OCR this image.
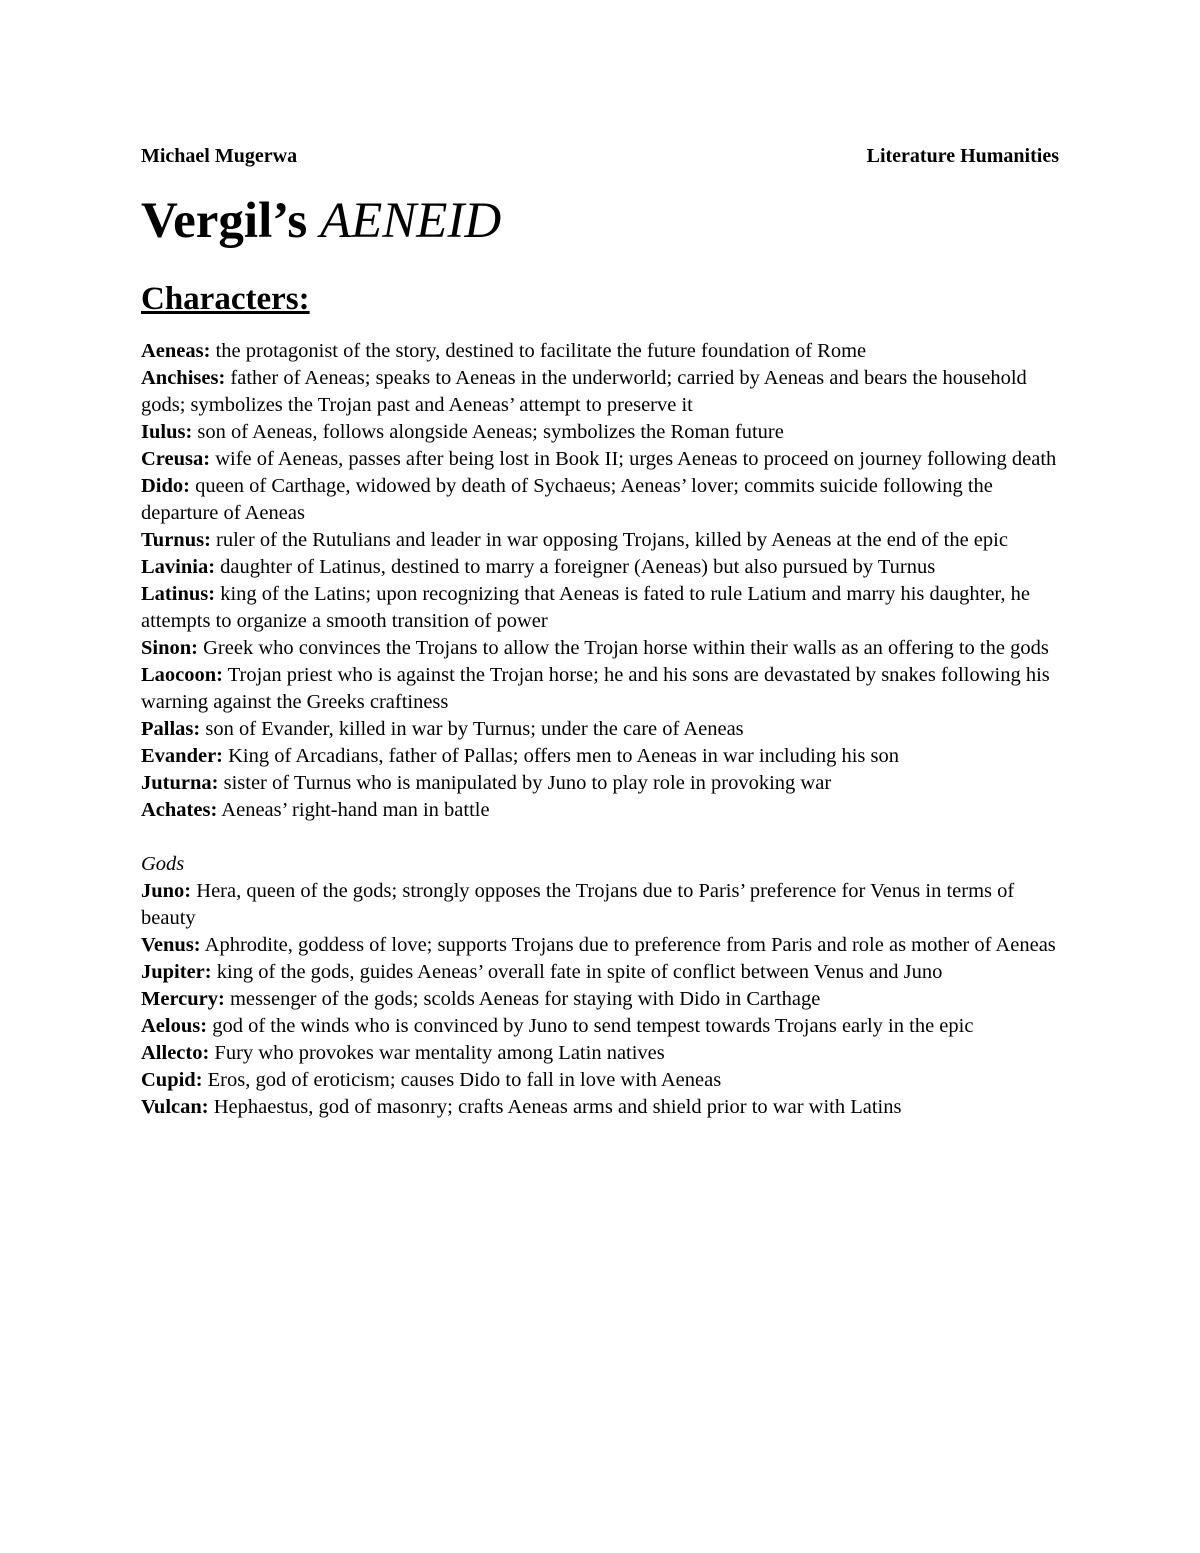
Michael Mugerwa	Literature Humanities
Vergil’s AENEID
Characters:
Aeneas: the protagonist of the story, destined to facilitate the future foundation of Rome
Anchises: father of Aeneas; speaks to Aeneas in the underworld; carried by Aeneas and bears the household gods; symbolizes the Trojan past and Aeneas’ attempt to preserve it
Iulus: son of Aeneas, follows alongside Aeneas; symbolizes the Roman future
Creusa: wife of Aeneas, passes after being lost in Book II; urges Aeneas to proceed on journey following death
Dido: queen of Carthage, widowed by death of Sychaeus; Aeneas’ lover; commits suicide following the departure of Aeneas
Turnus: ruler of the Rutulians and leader in war opposing Trojans, killed by Aeneas at the end of the epic
Lavinia: daughter of Latinus, destined to marry a foreigner (Aeneas) but also pursued by Turnus
Latinus: king of the Latins; upon recognizing that Aeneas is fated to rule Latium and marry his daughter, he attempts to organize a smooth transition of power
Sinon: Greek who convinces the Trojans to allow the Trojan horse within their walls as an offering to the gods
Laocoon: Trojan priest who is against the Trojan horse; he and his sons are devastated by snakes following his warning against the Greeks craftiness
Pallas: son of Evander, killed in war by Turnus; under the care of Aeneas
Evander: King of Arcadians, father of Pallas; offers men to Aeneas in war including his son
Juturna: sister of Turnus who is manipulated by Juno to play role in provoking war
Achates: Aeneas’ right-hand man in battle
Gods
Juno: Hera, queen of the gods; strongly opposes the Trojans due to Paris’ preference for Venus in terms of beauty
Venus: Aphrodite, goddess of love; supports Trojans due to preference from Paris and role as mother of Aeneas
Jupiter: king of the gods, guides Aeneas’ overall fate in spite of conflict between Venus and Juno
Mercury: messenger of the gods; scolds Aeneas for staying with Dido in Carthage
Aelous: god of the winds who is convinced by Juno to send tempest towards Trojans early in the epic
Allecto: Fury who provokes war mentality among Latin natives
Cupid: Eros, god of eroticism; causes Dido to fall in love with Aeneas
Vulcan: Hephaestus, god of masonry; crafts Aeneas arms and shield prior to war with Latins
